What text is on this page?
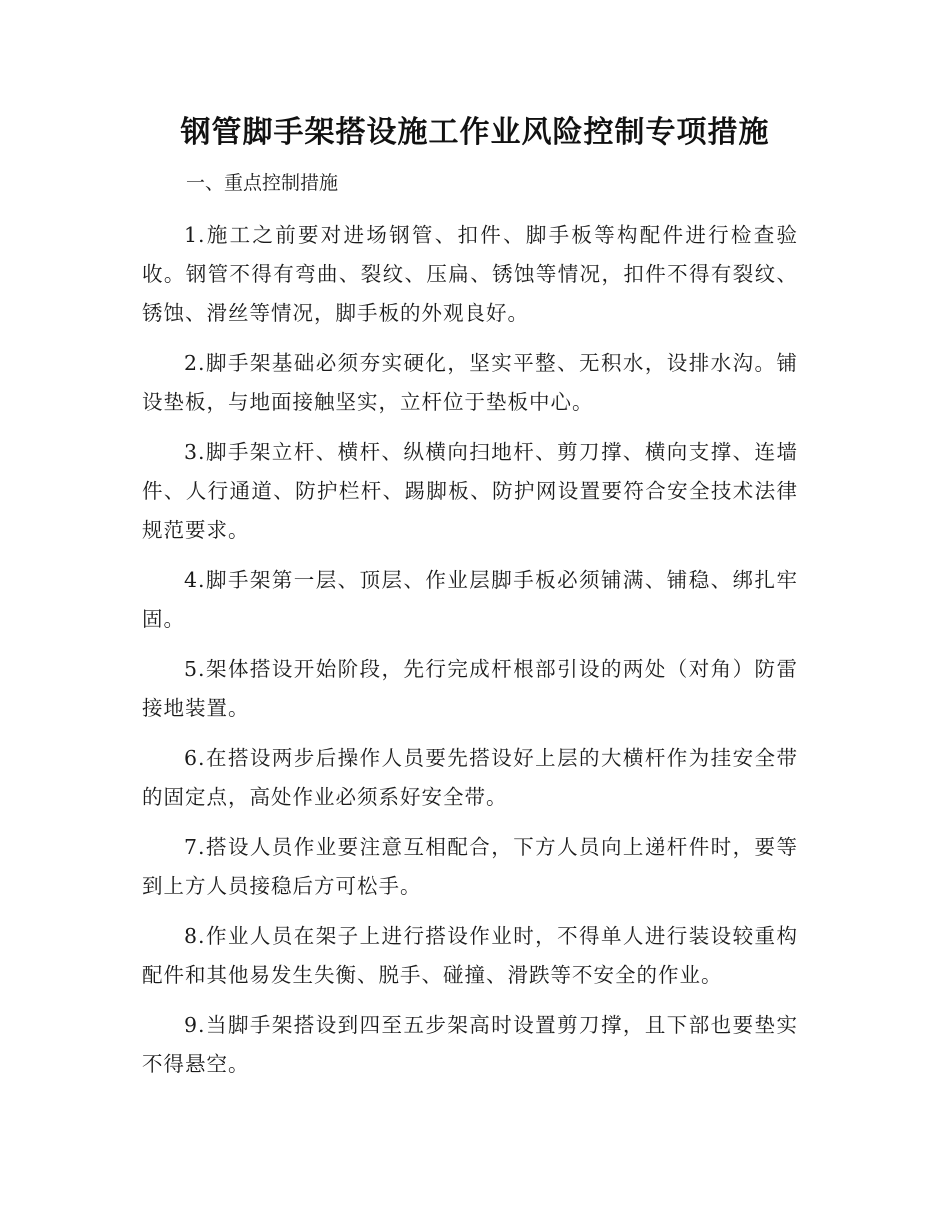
钢管脚手架搭设施工作业风险控制专项措施

一、重点控制措施

1.施工之前要对进场钢管、扣件、脚手板等构配件进行检查验收。钢管不得有弯曲、裂纹、压扁、锈蚀等情况，扣件不得有裂纹、锈蚀、滑丝等情况，脚手板的外观良好。

2.脚手架基础必须夯实硬化，坚实平整、无积水，设排水沟。铺设垫板，与地面接触坚实，立杆位于垫板中心。

3.脚手架立杆、横杆、纵横向扫地杆、剪刀撑、横向支撑、连墙件、人行通道、防护栏杆、踢脚板、防护网设置要符合安全技术法律规范要求。

4.脚手架第一层、顶层、作业层脚手板必须铺满、铺稳、绑扎牢固。

5.架体搭设开始阶段，先行完成杆根部引设的两处（对角）防雷接地装置。

6.在搭设两步后操作人员要先搭设好上层的大横杆作为挂安全带的固定点，高处作业必须系好安全带。

7.搭设人员作业要注意互相配合，下方人员向上递杆件时，要等到上方人员接稳后方可松手。

8.作业人员在架子上进行搭设作业时，不得单人进行装设较重构配件和其他易发生失衡、脱手、碰撞、滑跌等不安全的作业。

9.当脚手架搭设到四至五步架高时设置剪刀撑，且下部也要垫实不得悬空。
